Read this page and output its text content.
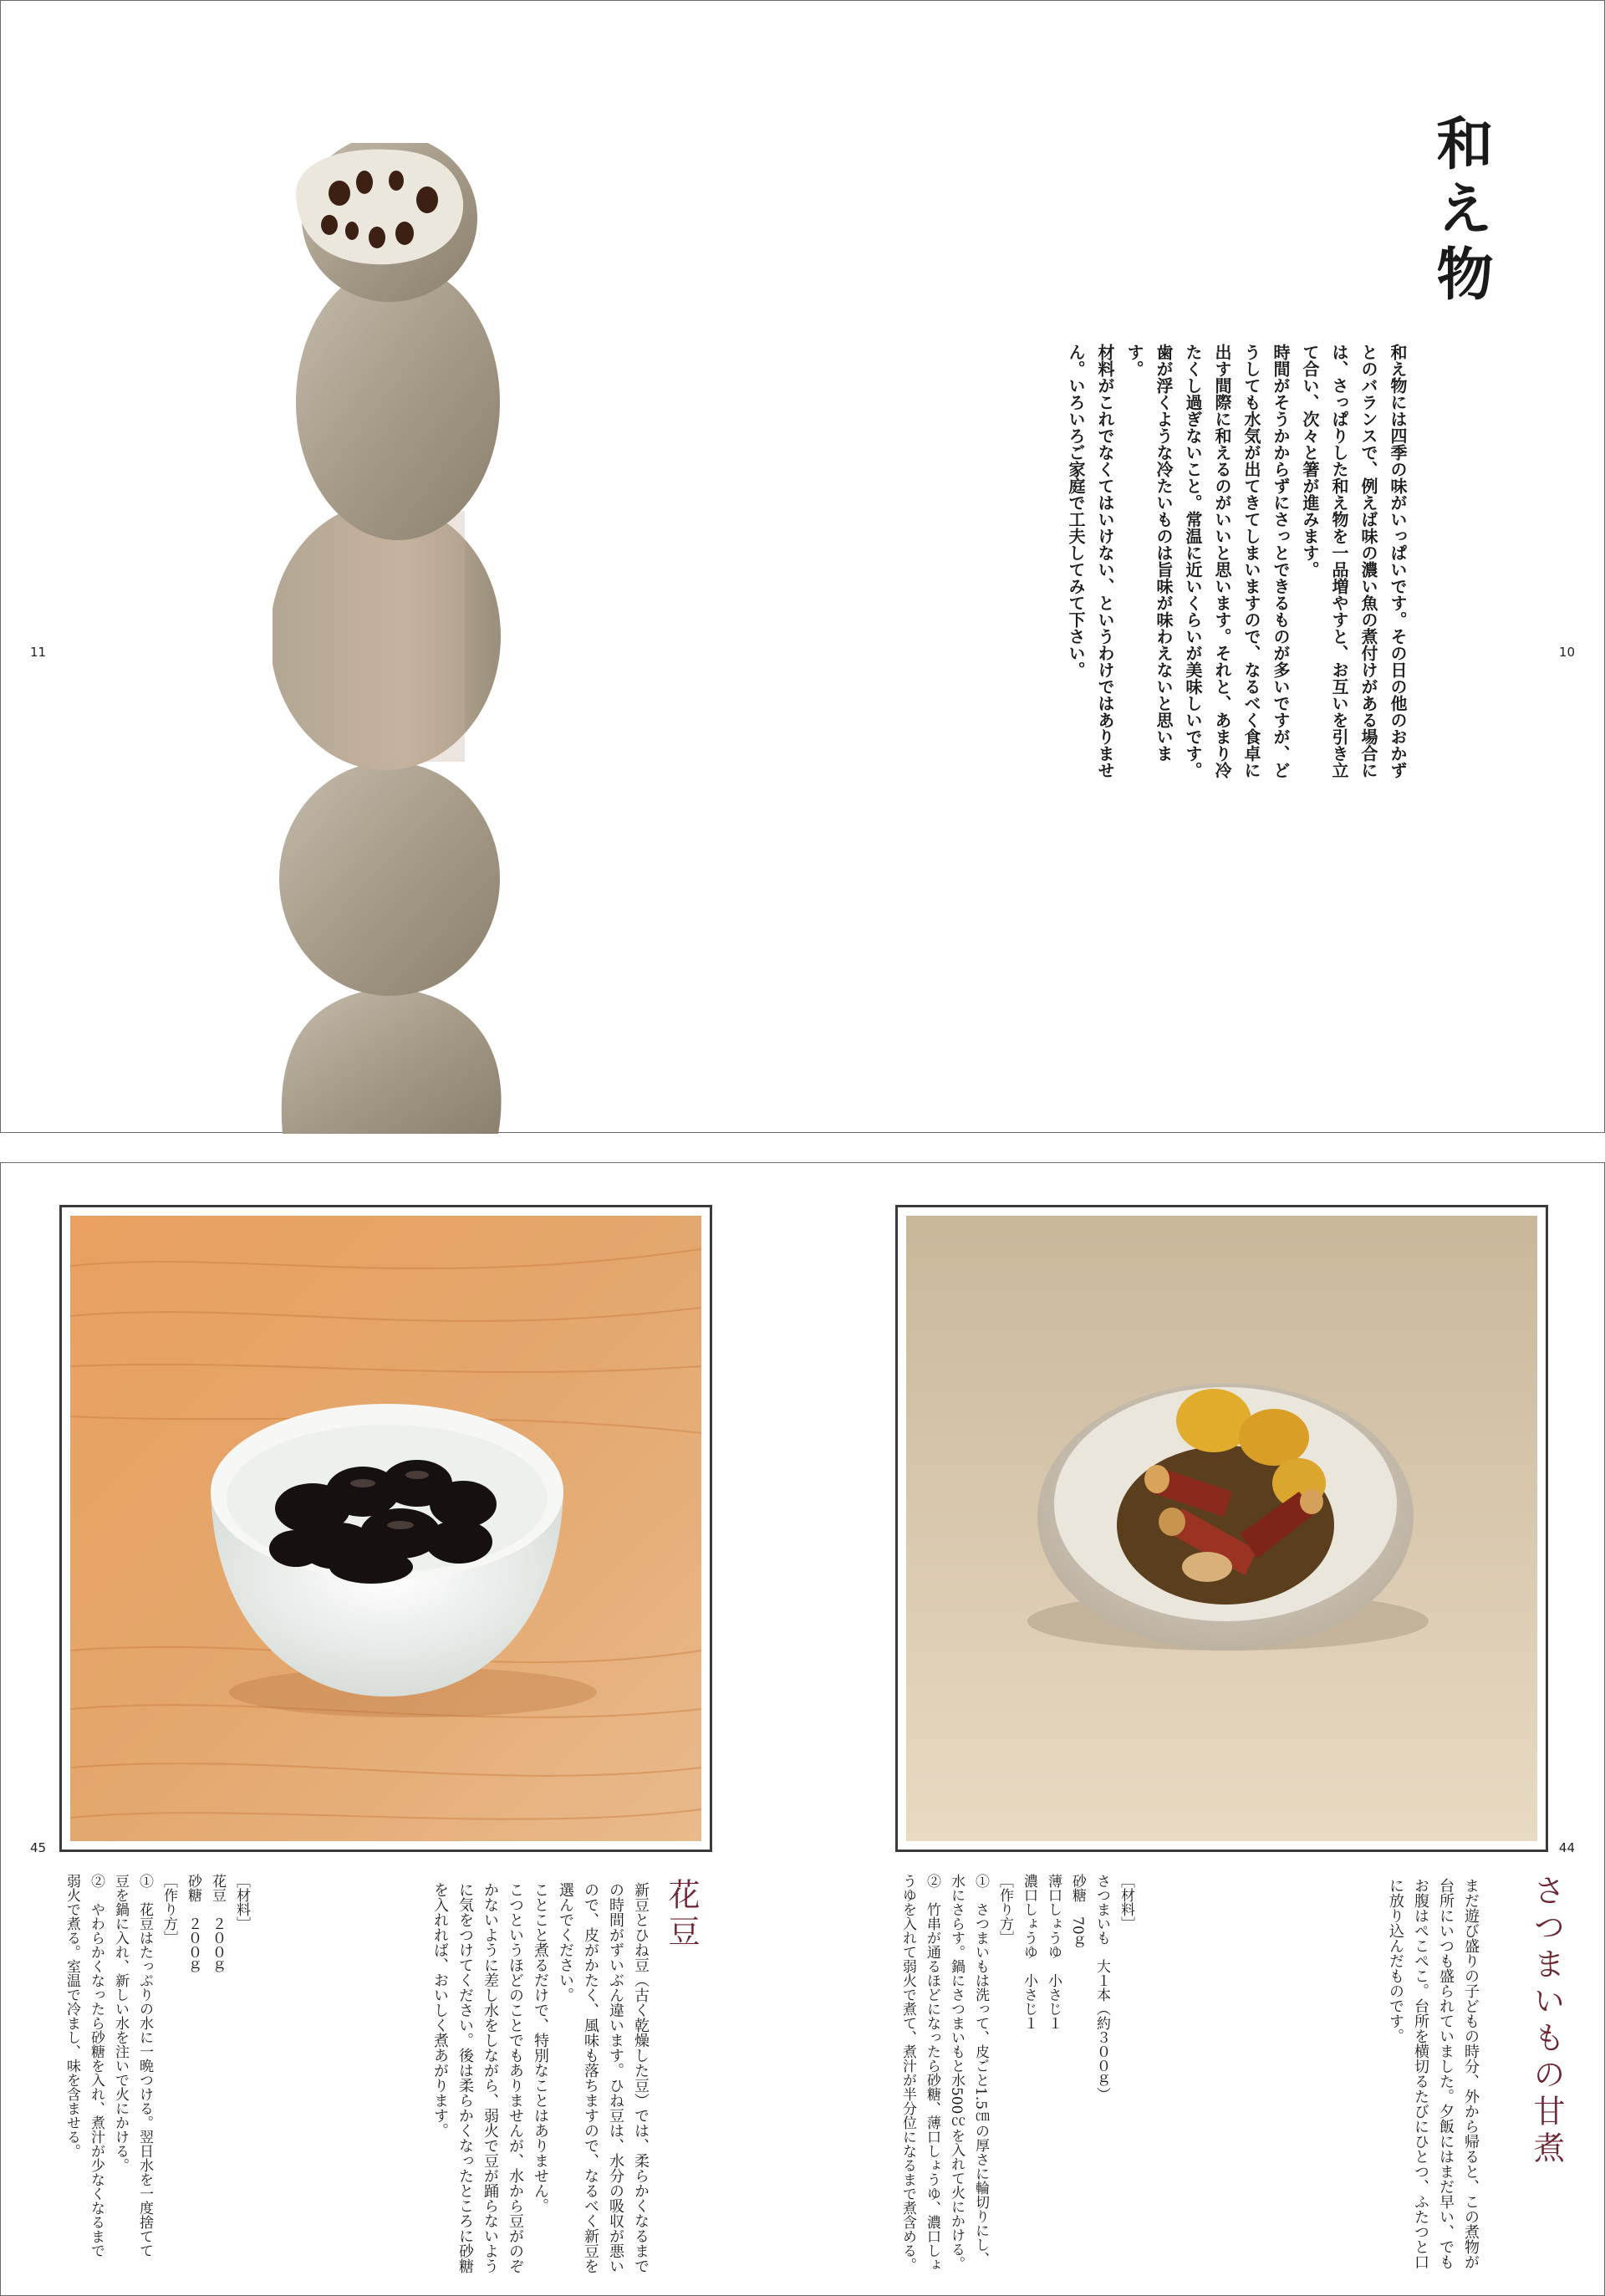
11	10
和え物

和え物には四季の味がいっぱいです。その日の他のおかずとのバランスで、例えば味の濃い魚の煮付けがある場合には、さっぱりした和え物を一品増やすと、お互いを引き立て合い、次々と箸が進みます。

時間がそうかからずにさっとできるものが多いですが、どうしても水気が出てきてしまいますので、なるべく食卓に出す間際に和えるのがいいと思います。それと、あまり冷たくし過ぎないこと。常温に近いくらいが美味しいです。歯が浮くような冷たいものは旨味が味わえないと思います。

材料がこれでなくてはいけない、というわけではありません。いろいろご家庭で工夫してみて下さい。

45	44
花豆

新豆とひね豆（古く乾燥した豆）では、柔らかくなるまでの時間がずいぶん違います。ひね豆は、水分の吸収が悪いので、皮がかたく、風味も落ちますので、なるべく新豆を選んでください。

ことこと煮るだけで、特別なことはありません。

こつというほどのことでもありませんが、水から豆がのぞかないように差し水をしながら、弱火で豆が踊らないように気をつけてください。後は柔らかくなったところに砂糖を入れれば、おいしく煮あがります。

［材料］

花豆　２００ｇ

砂糖　２００ｇ

［作り方］

①　花豆はたっぷりの水に一晩つける。翌日水を一度捨てて豆を鍋に入れ、新しい水を注いで火にかける。

②　やわらかくなったら砂糖を入れ、煮汁が少なくなるまで弱火で煮る。室温で冷まし、味を含ませる。	さつまいもの甘煮

まだ遊び盛りの子どもの時分、外から帰ると、この煮物が台所にいつも盛られていました。夕飯にはまだ早い、でもお腹はぺこぺこ。台所を横切るたびにひとつ、ふたつと口に放り込んだものです。

［材料］

さつまいも　大１本（約３００ｇ）

砂糖　70ｇ

薄口しょうゆ　小さじ１

濃口しょうゆ　小さじ１

［作り方］

①　さつまいもは洗って、皮ごと1.5㎝の厚さに輪切りにし、水にさらす。鍋にさつまいもと水500㏄を入れて火にかける。

②　竹串が通るほどになったら砂糖、薄口しょうゆ、濃口しょうゆを入れて弱火で煮て、煮汁が半分位になるまで煮含める。
